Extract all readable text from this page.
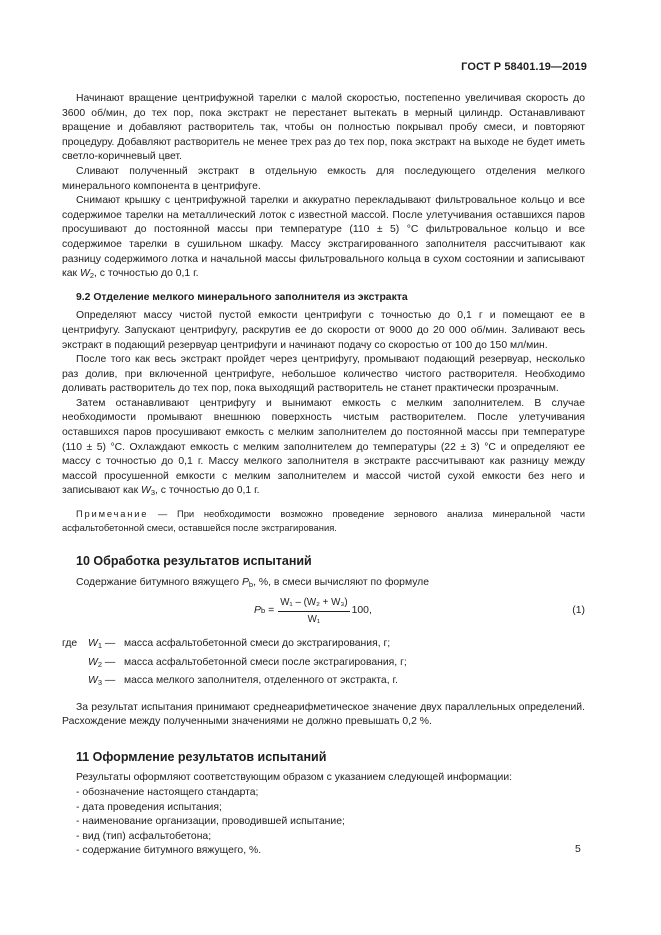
ГОСТ Р 58401.19—2019

Начинают вращение центрифужной тарелки с малой скоростью, постепенно увеличивая скорость до 3600 об/мин, до тех пор, пока экстракт не перестанет вытекать в мерный цилиндр. Останавливают вращение и добавляют растворитель так, чтобы он полностью покрывал пробу смеси, и повторяют процедуру. Добавляют растворитель не менее трех раз до тех пор, пока экстракт на выходе не будет иметь светло-коричневый цвет.

Сливают полученный экстракт в отдельную емкость для последующего отделения мелкого минерального компонента в центрифуге.

Снимают крышку с центрифужной тарелки и аккуратно перекладывают фильтровальное кольцо и все содержимое тарелки на металлический лоток с известной массой. После улетучивания оставшихся паров просушивают до постоянной массы при температуре (110 ± 5) °С фильтровальное кольцо и все содержимое тарелки в сушильном шкафу. Массу экстрагированного заполнителя рассчитывают как разницу содержимого лотка и начальной массы фильтровального кольца в сухом состоянии и записывают как $W_2$, с точностью до 0,1 г.

9.2 Отделение мелкого минерального заполнителя из экстракта

Определяют массу чистой пустой емкости центрифуги с точностью до 0,1 г и помещают ее в центрифугу. Запускают центрифугу, раскрутив ее до скорости от 9000 до 20 000 об/мин. Заливают весь экстракт в подающий резервуар центрифуги и начинают подачу со скоростью от 100 до 150 мл/мин.

После того как весь экстракт пройдет через центрифугу, промывают подающий резервуар, несколько раз долив, при включенной центрифуге, небольшое количество чистого растворителя. Необходимо доливать растворитель до тех пор, пока выходящий растворитель не станет практически прозрачным.

Затем останавливают центрифугу и вынимают емкость с мелким заполнителем. В случае необходимости промывают внешнюю поверхность чистым растворителем. После улетучивания оставшихся паров просушивают емкость с мелким заполнителем до постоянной массы при температуре (110 ± 5) °С. Охлаждают емкость с мелким заполнителем до температуры (22 ± 3) °С и определяют ее массу с точностью до 0,1 г. Массу мелкого заполнителя в экстракте рассчитывают как разницу между массой просушенной емкости с мелким заполнителем и массой чистой сухой емкости без него и записывают как $W_3$, с точностью до 0,1 г.

Примечание — При необходимости возможно проведение зернового анализа минеральной части асфальтобетонной смеси, оставшейся после экстрагирования.

10 Обработка результатов испытаний

Содержание битумного вяжущего $P_b$, %, в смеси вычисляют по формуле

P $b = \frac{\text{W₁ – (W₂ + W₃)}}{\text{W₁}} 100$,	(1)
где	$W_1$ — масса асфальтобетонной смеси до экстрагирования, г;
$W_2$ — масса асфальтобетонной смеси после экстрагирования, г;
$W_3$ — масса мелкого заполнителя, отделенного от экстракта, г.

За результат испытания принимают среднеарифметическое значение двух параллельных определений. Расхождение между полученными значениями не должно превышать 0,2 %.

11 Оформление результатов испытаний

Результаты оформляют соответствующим образом с указанием следующей информации:

- обозначение настоящего стандарта;
- дата проведения испытания;
- наименование организации, проводившей испытание;
- вид (тип) асфальтобетона;
- содержание битумного вяжущего, %.	5
